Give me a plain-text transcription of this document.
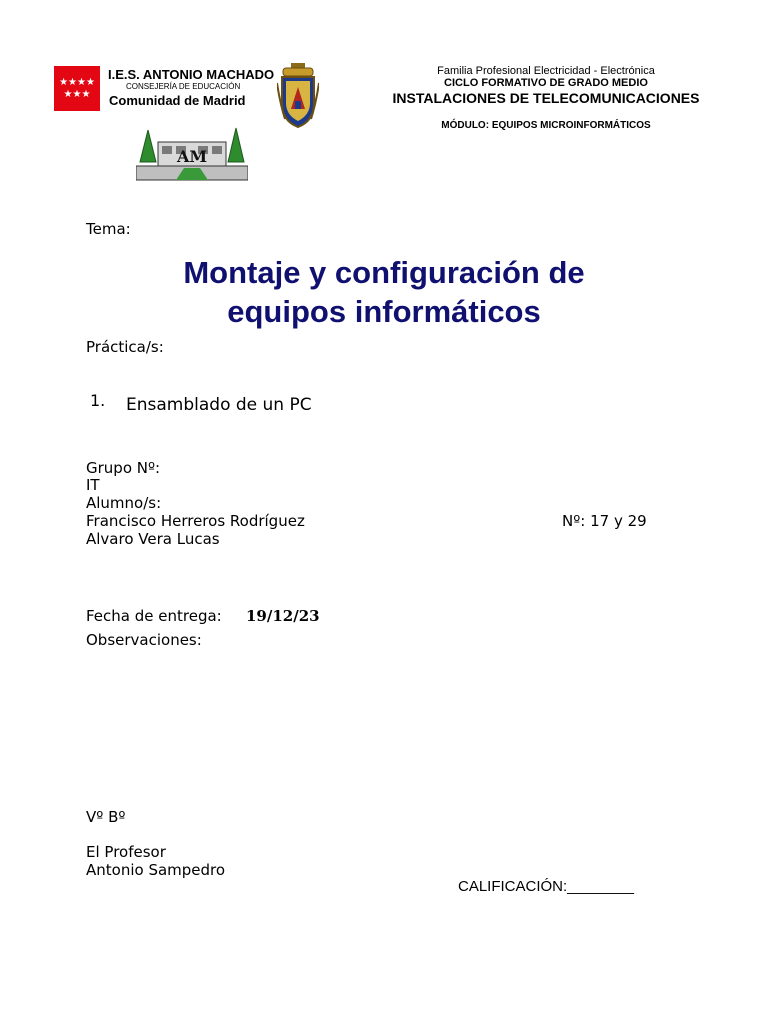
★★★★
★★★
I.E.S. ANTONIO MACHADO
CONSEJERÍA DE EDUCACIÓN
Comunidad de Madrid
AM
Familia Profesional Electricidad - Electrónica
CICLO FORMATIVO DE GRADO MEDIO
INSTALACIONES DE TELECOMUNICACIONES
MÓDULO: EQUIPOS MICROINFORMÁTICOS
Tema:
Montaje y configuración de
equipos informáticos
Práctica/s:
1. Ensamblado de un PC
Grupo Nº:
IT
Alumno/s:
Francisco Herreros Rodríguez
Alvaro Vera Lucas
Nº: 17 y 29
Fecha de entrega: 19/12/23
Observaciones:
Vº Bº
El Profesor
Antonio Sampedro
CALIFICACIÓN:________
